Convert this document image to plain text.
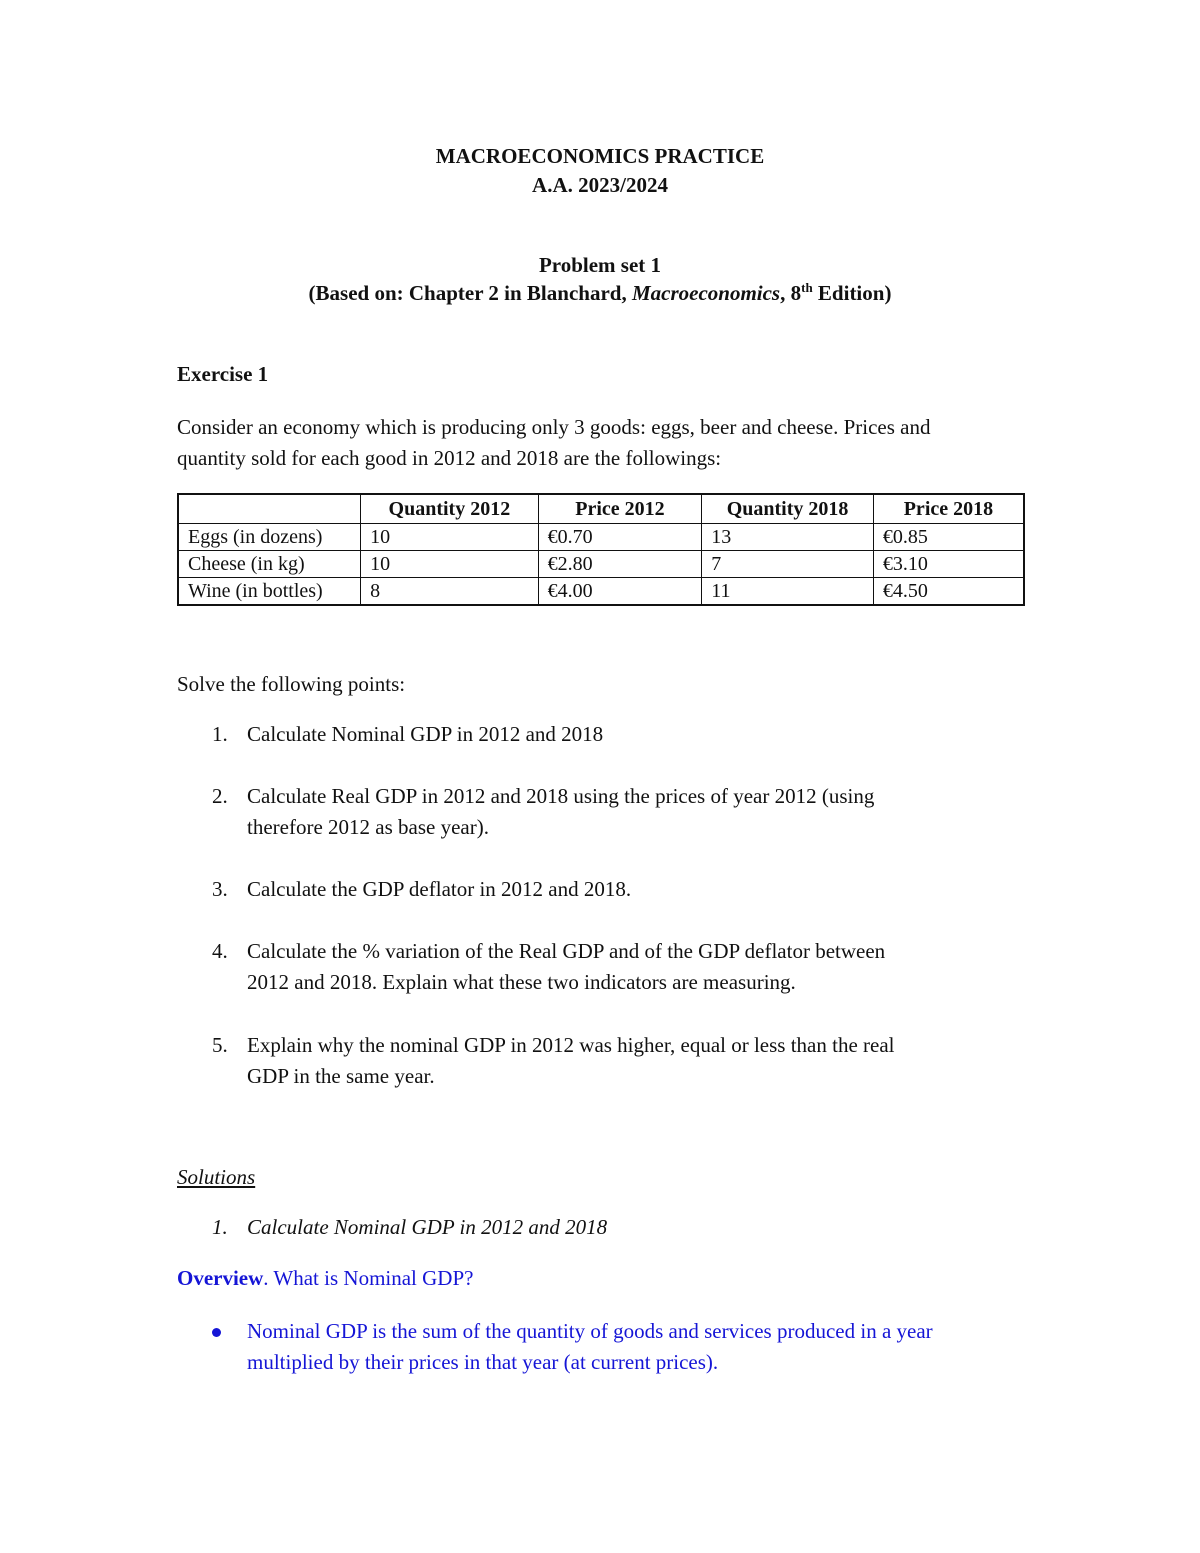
MACROECONOMICS PRACTICE
A.A. 2023/2024
Problem set 1
(Based on: Chapter 2 in Blanchard, Macroeconomics, 8th Edition)
Exercise 1
Consider an economy which is producing only 3 goods: eggs, beer and cheese. Prices and
quantity sold for each good in 2012 and 2018 are the followings:
	Quantity 2012	Price 2012	Quantity 2018	Price 2018
Eggs (in dozens)	10	€0.70	13	€0.85
Cheese (in kg)	10	€2.80	7	€3.10
Wine (in bottles)	8	€4.00	11	€4.50
Solve the following points:
1. Calculate Nominal GDP in 2012 and 2018
2. Calculate Real GDP in 2012 and 2018 using the prices of year 2012 (using
therefore 2012 as base year).
3. Calculate the GDP deflator in 2012 and 2018.
4. Calculate the % variation of the Real GDP and of the GDP deflator between
2012 and 2018. Explain what these two indicators are measuring.
5. Explain why the nominal GDP in 2012 was higher, equal or less than the real
GDP in the same year.
Solutions
1. Calculate Nominal GDP in 2012 and 2018
Overview. What is Nominal GDP?
Nominal GDP is the sum of the quantity of goods and services produced in a year
multiplied by their prices in that year (at current prices).
